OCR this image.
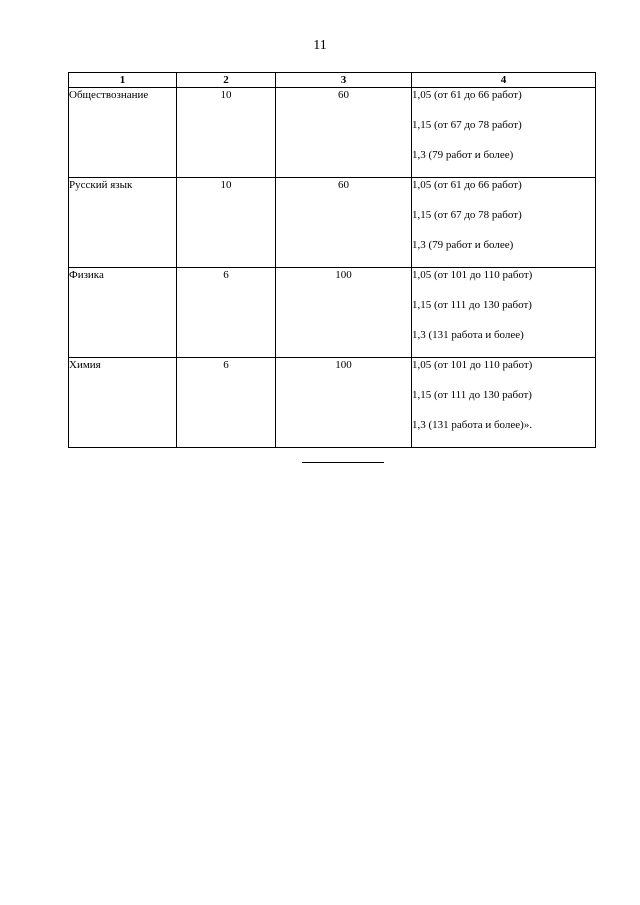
11
1	2	3	4
Обществознание	10	60	1,05 (от 61 до 66 работ)
1,15 (от 67 до 78 работ)
1,3 (79 работ и более)

Русский язык	10	60	1,05 (от 61 до 66 работ)
1,15 (от 67 до 78 работ)
1,3 (79 работ и более)

Физика	6	100	1,05 (от 101 до 110 работ)
1,15 (от 111 до 130 работ)
1,3 (131 работа и более)

Химия	6	100	1,05 (от 101 до 110 работ)
1,15 (от 111 до 130 работ)
1,3 (131 работа и более)».
